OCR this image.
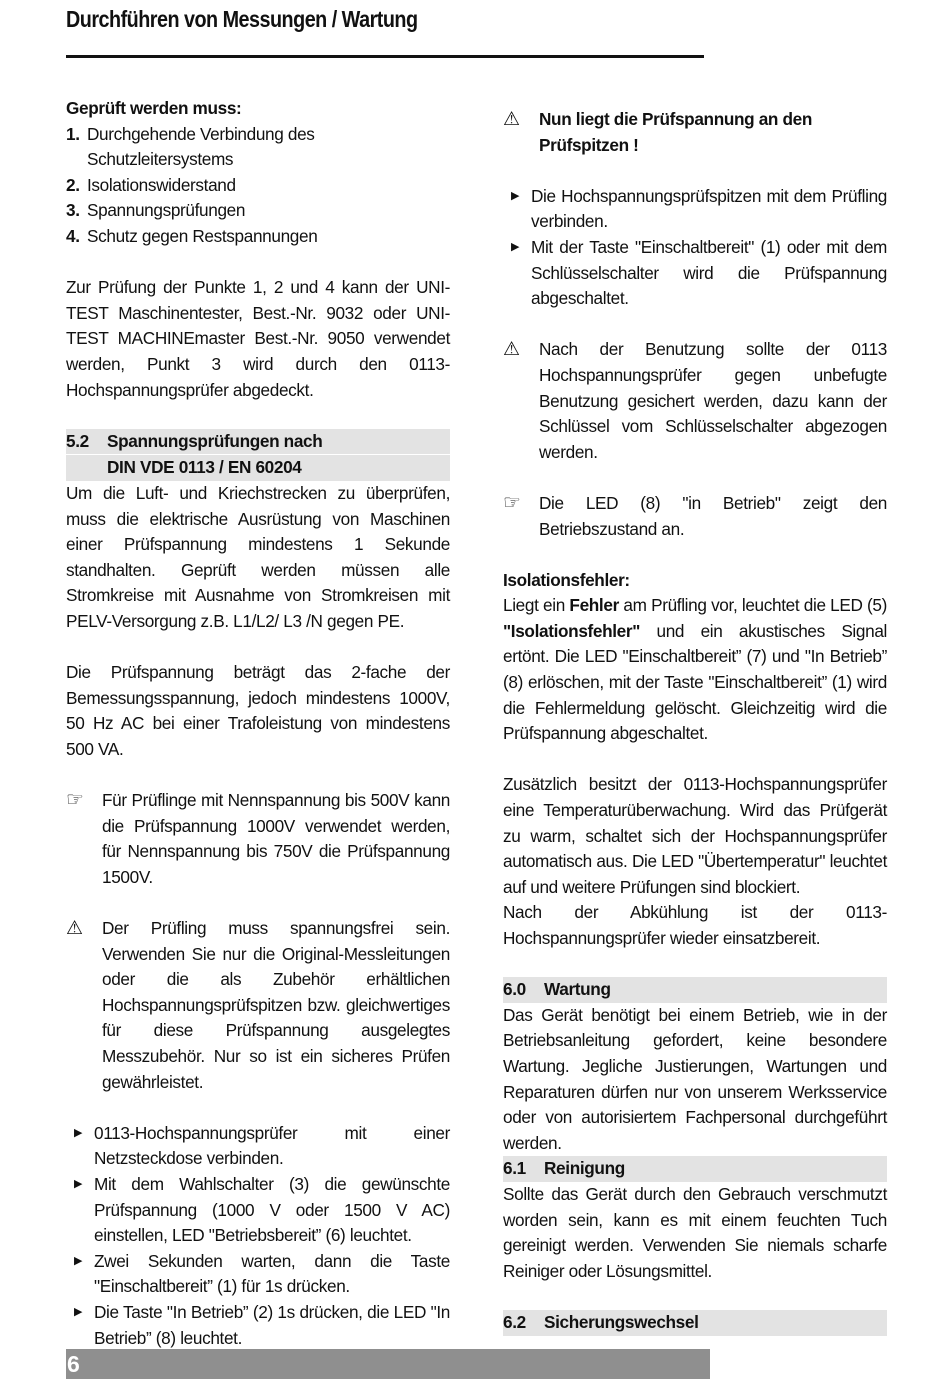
Durchführen von Messungen / Wartung

Geprüft werden muss:

1. Durchgehende Verbindung des Schutzleitersystems
2. Isolationswiderstand
3. Spannungsprüfungen
4. Schutz gegen Restspannungen

Zur Prüfung der Punkte 1, 2 und 4 kann der UNI-TEST Maschinentester, Best.-Nr. 9032 oder UNI-TEST MACHINEmaster Best.-Nr. 9050 verwendet werden, Punkt 3 wird durch den 0113-Hochspannungsprüfer abgedeckt.

5.2	Spannungsprüfungen nach
DIN VDE 0113 / EN 60204

Um die Luft- und Kriechstrecken zu überprüfen, muss die elektrische Ausrüstung von Maschinen einer Prüfspannung mindestens 1 Sekunde standhalten. Geprüft werden müssen alle Stromkreise mit Ausnahme von Stromkreisen mit PELV-Versorgung z.B. L1/L2/ L3 /N gegen PE.

Die Prüfspannung beträgt das 2-fache der Bemessungsspannung, jedoch mindestens 1000V, 50 Hz AC bei einer Trafoleistung von mindestens 500 VA.

☞	Für Prüflinge mit Nennspannung bis 500V kann die Prüfspannung 1000V verwendet werden, für Nennspannung bis 750V die Prüfspannung 1500V.
⚠	Der Prüfling muss spannungsfrei sein. Verwenden Sie nur die Original-Messleitungen oder die als Zubehör erhältlichen Hochspannungsprüfspitzen bzw. gleichwertiges für diese Prüfspannung ausgelegtes Messzubehör. Nur so ist ein sicheres Prüfen gewährleistet.
▶ 0113-Hochspannungsprüfer mit einer Netzsteckdose verbinden.
▶ Mit dem Wahlschalter (3) die gewünschte Prüfspannung (1000 V oder 1500 V AC) einstellen, LED "Betriebsbereit” (6) leuchtet.
▶ Zwei Sekunden warten, dann die Taste "Einschaltbereit” (1) für 1s drücken.
▶ Die Taste "In Betrieb” (2) 1s drücken, die LED "In Betrieb” (8) leuchtet.
⚠	Nun liegt die Prüfspannung an den Prüfspitzen !
▶ Die Hochspannungsprüfspitzen mit dem Prüfling verbinden.
▶ Mit der Taste "Einschaltbereit" (1) oder mit dem Schlüsselschalter wird die Prüfspannung abgeschaltet.
⚠	Nach der Benutzung sollte der 0113 Hochspannungsprüfer gegen unbefugte Benutzung gesichert werden, dazu kann der Schlüssel vom Schlüsselschalter abgezogen werden.
☞	Die LED (8) "in Betrieb" zeigt den Betriebszustand an.

Isolationsfehler:

Liegt ein Fehler am Prüfling vor, leuchtet die LED (5) "Isolationsfehler" und ein akustisches Signal ertönt. Die LED "Einschaltbereit” (7) und "In Betrieb” (8) erlöschen, mit der Taste "Einschaltbereit” (1) wird die Fehlermeldung gelöscht. Gleichzeitig wird die Prüfspannung abgeschaltet.

Zusätzlich besitzt der 0113-Hochspannungsprüfer eine Temperaturüberwachung. Wird das Prüfgerät zu warm, schaltet sich der Hochspannungsprüfer automatisch aus. Die LED "Übertemperatur" leuchtet auf und weitere Prüfungen sind blockiert.

Nach der Abkühlung ist der 0113-Hochspannungsprüfer wieder einsatzbereit.

6.0	Wartung

Das Gerät benötigt bei einem Betrieb, wie in der Betriebsanleitung gefordert, keine besondere Wartung. Jegliche Justierungen, Wartungen und Reparaturen dürfen nur von unserem Werksservice oder von autorisiertem Fachpersonal durchgeführt werden.

6.1	Reinigung

Sollte das Gerät durch den Gebrauch verschmutzt worden sein, kann es mit einem feuchten Tuch gereinigt werden. Verwenden Sie niemals scharfe Reiniger oder Lösungsmittel.

6.2	Sicherungswechsel
6
